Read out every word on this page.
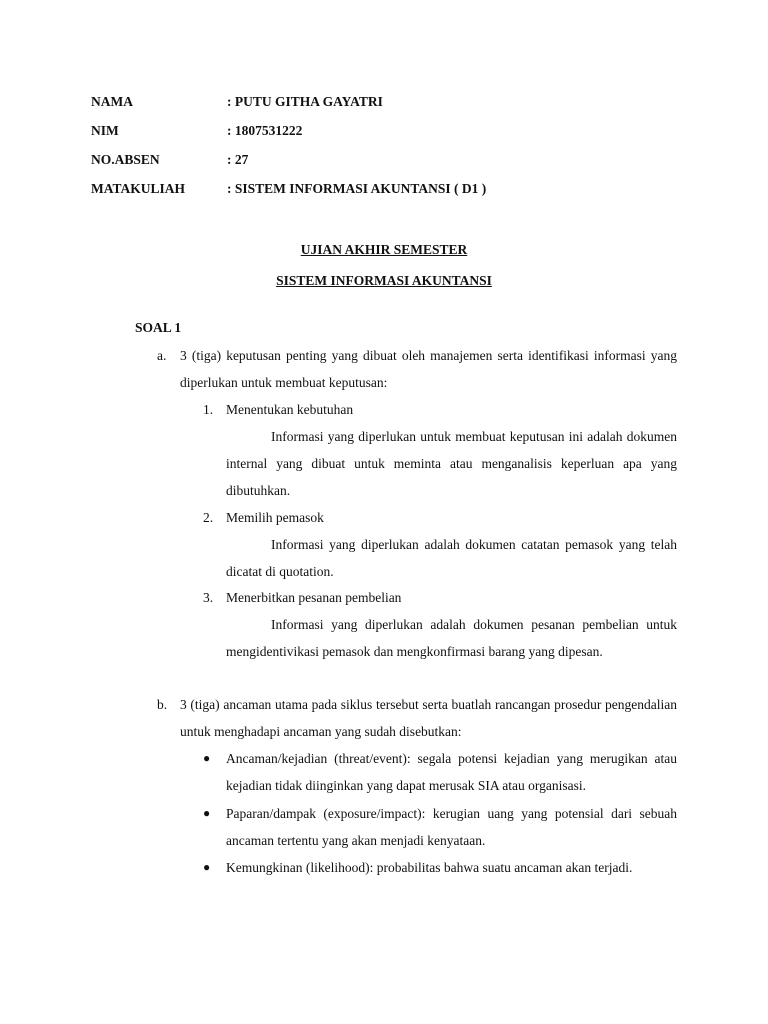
NAMA	: PUTU GITHA GAYATRI
NIM	: 1807531222
NO.ABSEN	: 27
MATAKULIAH	: SISTEM INFORMASI AKUNTANSI ( D1 )
UJIAN AKHIR SEMESTER
SISTEM INFORMASI AKUNTANSI
SOAL 1
a. 3 (tiga) keputusan penting yang dibuat oleh manajemen serta identifikasi informasi yang diperlukan untuk membuat keputusan:
1. Menentukan kebutuhan
Informasi yang diperlukan untuk membuat keputusan ini adalah dokumen internal yang dibuat untuk meminta atau menganalisis keperluan apa yang dibutuhkan.
2. Memilih pemasok
Informasi yang diperlukan adalah dokumen catatan pemasok yang telah dicatat di quotation.
3. Menerbitkan pesanan pembelian
Informasi yang diperlukan adalah dokumen pesanan pembelian untuk mengidentivikasi pemasok dan mengkonfirmasi barang yang dipesan.
b. 3 (tiga) ancaman utama pada siklus tersebut serta buatlah rancangan prosedur pengendalian untuk menghadapi ancaman yang sudah disebutkan:
● Ancaman/kejadian (threat/event): segala potensi kejadian yang merugikan atau kejadian tidak diinginkan yang dapat merusak SIA atau organisasi.
● Paparan/dampak (exposure/impact): kerugian uang yang potensial dari sebuah ancaman tertentu yang akan menjadi kenyataan.
● Kemungkinan (likelihood): probabilitas bahwa suatu ancaman akan terjadi.
